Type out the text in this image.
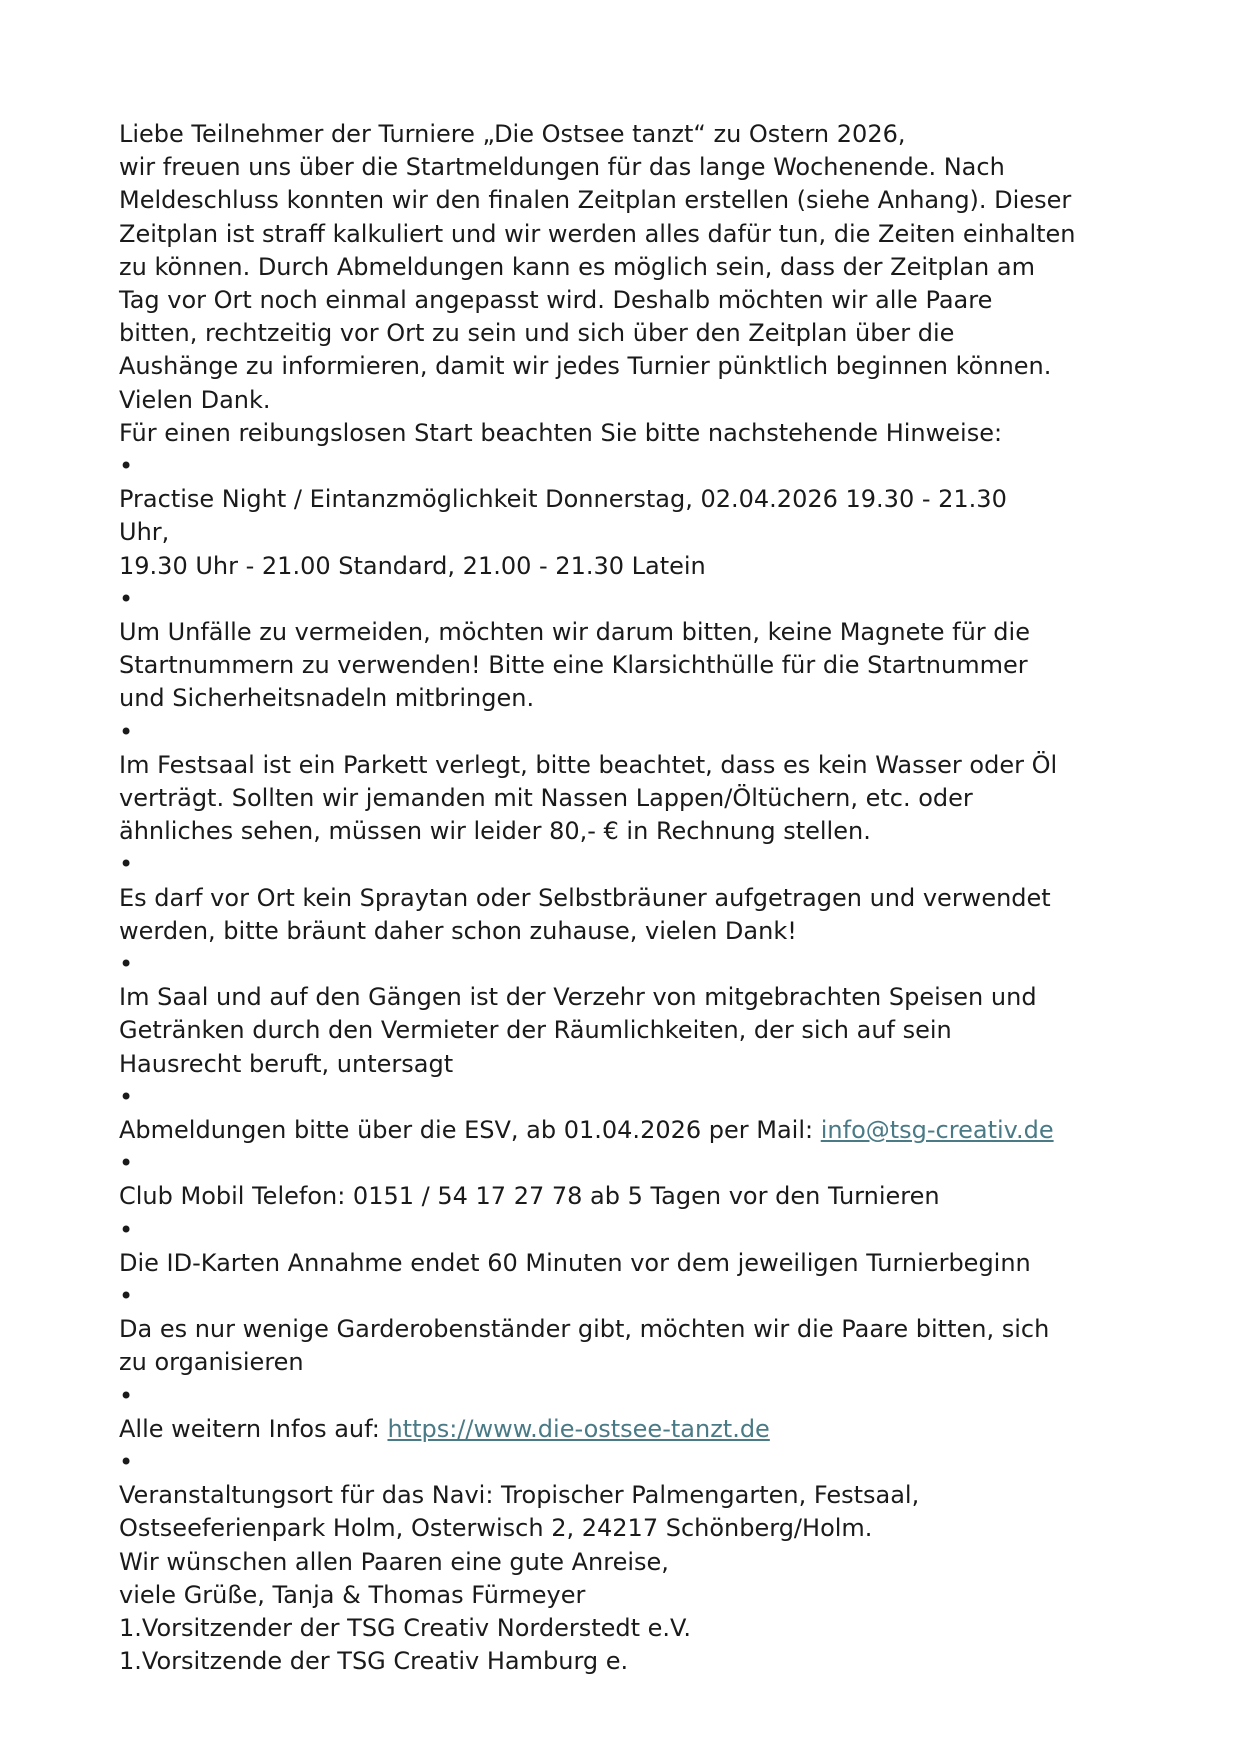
Liebe Teilnehmer der Turniere „Die Ostsee tanzt“ zu Ostern 2026,
wir freuen uns über die Startmeldungen für das lange Wochenende. Nach
Meldeschluss konnten wir den finalen Zeitplan erstellen (siehe Anhang). Dieser
Zeitplan ist straff kalkuliert und wir werden alles dafür tun, die Zeiten einhalten
zu können. Durch Abmeldungen kann es möglich sein, dass der Zeitplan am
Tag vor Ort noch einmal angepasst wird. Deshalb möchten wir alle Paare
bitten, rechtzeitig vor Ort zu sein und sich über den Zeitplan über die
Aushänge zu informieren, damit wir jedes Turnier pünktlich beginnen können.
Vielen Dank.
Für einen reibungslosen Start beachten Sie bitte nachstehende Hinweise:
•
Practise Night / Eintanzmöglichkeit Donnerstag, 02.04.2026 19.30 - 21.30
Uhr,
19.30 Uhr - 21.00 Standard, 21.00 - 21.30 Latein
•
Um Unfälle zu vermeiden, möchten wir darum bitten, keine Magnete für die
Startnummern zu verwenden! Bitte eine Klarsichthülle für die Startnummer
und Sicherheitsnadeln mitbringen.
•
Im Festsaal ist ein Parkett verlegt, bitte beachtet, dass es kein Wasser oder Öl
verträgt. Sollten wir jemanden mit Nassen Lappen/Öltüchern, etc. oder
ähnliches sehen, müssen wir leider 80,- € in Rechnung stellen.
•
Es darf vor Ort kein Spraytan oder Selbstbräuner aufgetragen und verwendet
werden, bitte bräunt daher schon zuhause, vielen Dank!
•
Im Saal und auf den Gängen ist der Verzehr von mitgebrachten Speisen und
Getränken durch den Vermieter der Räumlichkeiten, der sich auf sein
Hausrecht beruft, untersagt
•
Abmeldungen bitte über die ESV, ab 01.04.2026 per Mail: info@tsg-creativ.de
•
Club Mobil Telefon: 0151 / 54 17 27 78 ab 5 Tagen vor den Turnieren
•
Die ID-Karten Annahme endet 60 Minuten vor dem jeweiligen Turnierbeginn
•
Da es nur wenige Garderobenständer gibt, möchten wir die Paare bitten, sich
zu organisieren
•
Alle weitern Infos auf: https://www.die-ostsee-tanzt.de
•
Veranstaltungsort für das Navi: Tropischer Palmengarten, Festsaal,
Ostseeferienpark Holm, Osterwisch 2, 24217 Schönberg/Holm.
Wir wünschen allen Paaren eine gute Anreise,
viele Grüße, Tanja & Thomas Fürmeyer
1.Vorsitzender der TSG Creativ Norderstedt e.V.
1.Vorsitzende der TSG Creativ Hamburg e.
